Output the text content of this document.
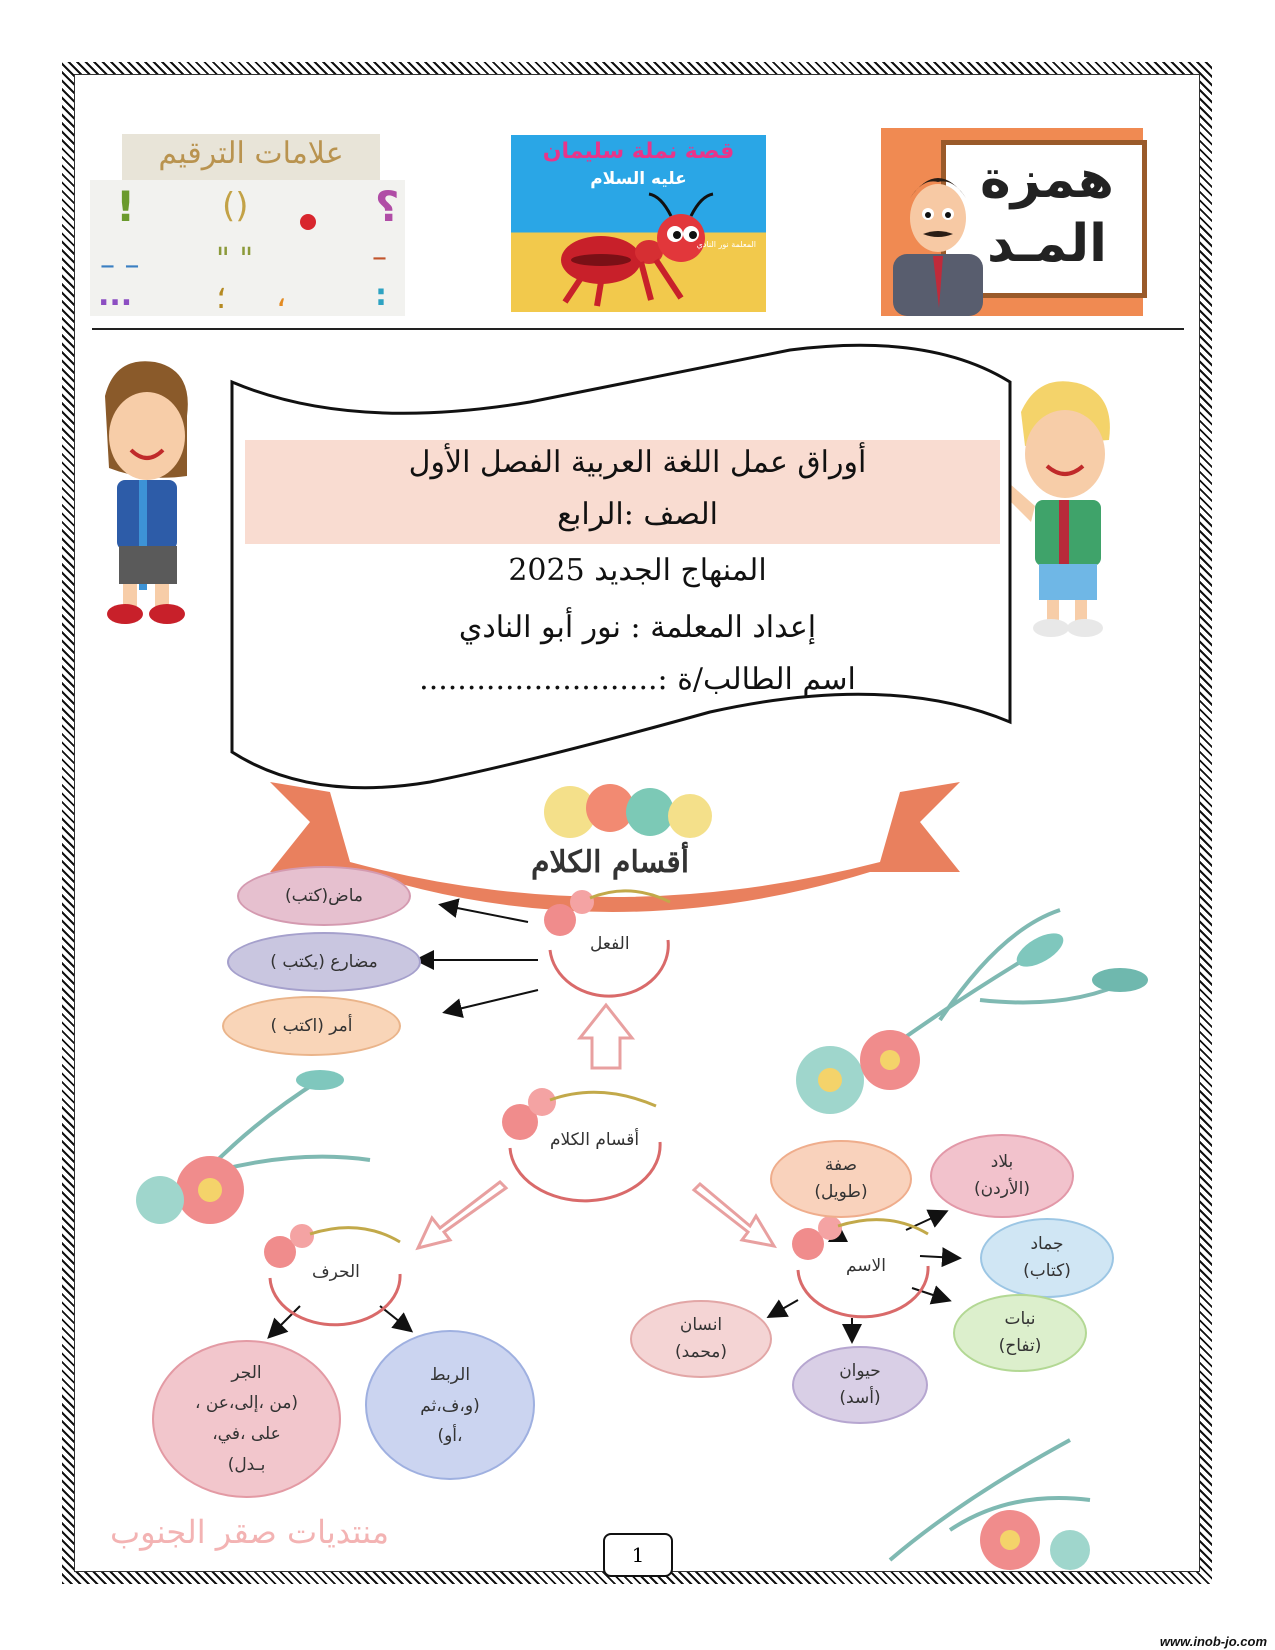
علامات الترقيم
!	()	؟
– –	" "	–
...	؛ ،	:
قصة نملة سليمان
عليه السلام
المعلمة نور النادي
همزة
المـد
أوراق عمل اللغة العربية الفصل الأول
الصف :الرابع
المنهاج الجديد 2025
إعداد المعلمة : نور أبو النادي
اسم الطالب/ة :.........................
أقسام الكلام
الفعل
أقسام الكلام
الحرف	الاسم
ماض(كتب)
مضارع (يكتب )
أمر (اكتب )
الجر
(من ،إلى،عن ،
على ،في،
بـدل)
الربط
(و،ف،ثم
،أو)
صفة
(طويل)
بلاد
(الأردن)
جماد
(كتاب)
نبات
(تفاح)
حيوان
(أسد)
انسان
(محمد)
منتديات صقر الجنوب
1
www.inob-jo.com
